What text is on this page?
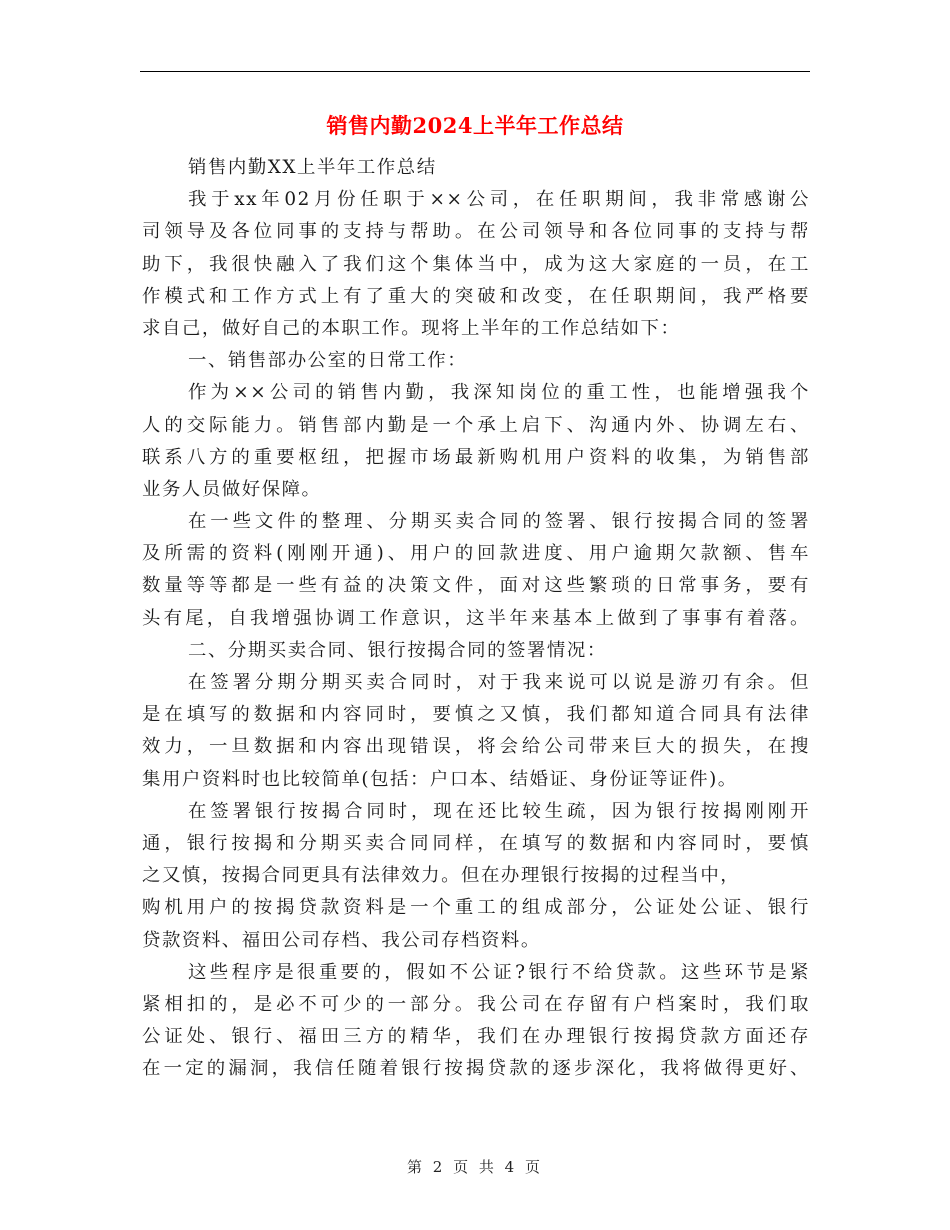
销售内勤2024上半年工作总结
销售内勤XX上半年工作总结
我于xx年02月份任职于××公司，在任职期间，我非常感谢公
司领导及各位同事的支持与帮助。在公司领导和各位同事的支持与帮
助下，我很快融入了我们这个集体当中，成为这大家庭的一员，在工
作模式和工作方式上有了重大的突破和改变，在任职期间，我严格要
求自己，做好自己的本职工作。现将上半年的工作总结如下：
一、销售部办公室的日常工作：
作为××公司的销售内勤，我深知岗位的重工性，也能增强我个
人的交际能力。销售部内勤是一个承上启下、沟通内外、协调左右、
联系八方的重要枢纽，把握市场最新购机用户资料的收集，为销售部
业务人员做好保障。
在一些文件的整理、分期买卖合同的签署、银行按揭合同的签署
及所需的资料(刚刚开通)、用户的回款进度、用户逾期欠款额、售车
数量等等都是一些有益的决策文件，面对这些繁琐的日常事务，要有
头有尾，自我增强协调工作意识，这半年来基本上做到了事事有着落。
二、分期买卖合同、银行按揭合同的签署情况：
在签署分期分期买卖合同时，对于我来说可以说是游刃有余。但
是在填写的数据和内容同时，要慎之又慎，我们都知道合同具有法律
效力，一旦数据和内容出现错误，将会给公司带来巨大的损失，在搜
集用户资料时也比较简单(包括：户口本、结婚证、身份证等证件)。
在签署银行按揭合同时，现在还比较生疏，因为银行按揭刚刚开
通，银行按揭和分期买卖合同同样，在填写的数据和内容同时，要慎
之又慎，按揭合同更具有法律效力。但在办理银行按揭的过程当中，
购机用户的按揭贷款资料是一个重工的组成部分，公证处公证、银行
贷款资料、福田公司存档、我公司存档资料。
这些程序是很重要的，假如不公证?银行不给贷款。这些环节是紧
紧相扣的，是必不可少的一部分。我公司在存留有户档案时，我们取
公证处、银行、福田三方的精华，我们在办理银行按揭贷款方面还存
在一定的漏洞，我信任随着银行按揭贷款的逐步深化，我将做得更好、
第 2 页 共 4 页
